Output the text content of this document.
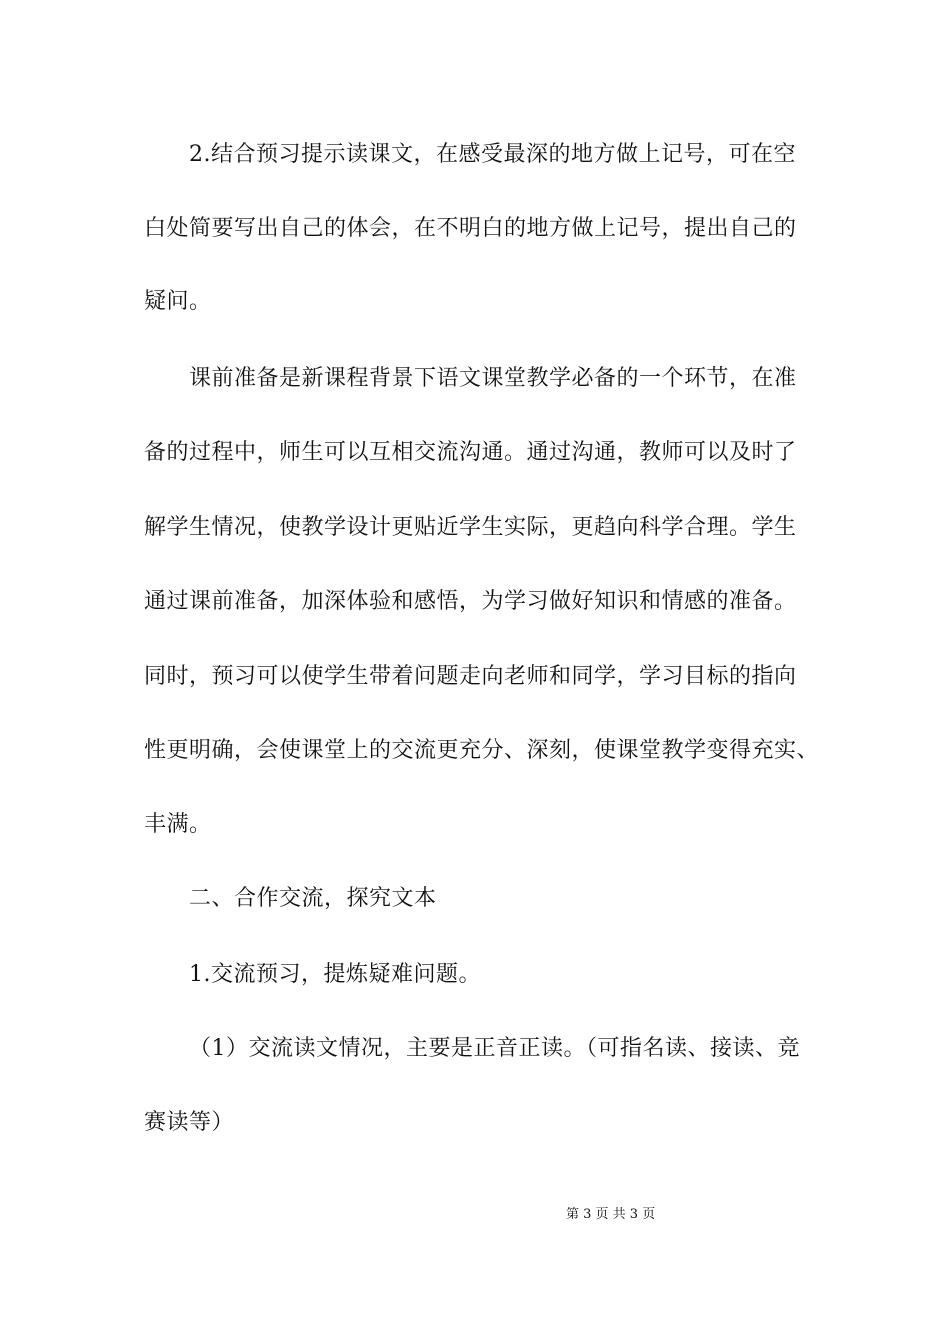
2.结合预习提示读课文，在感受最深的地方做上记号，可在空
白处简要写出自己的体会，在不明白的地方做上记号，提出自己的
疑问。
课前准备是新课程背景下语文课堂教学必备的一个环节，在准
备的过程中，师生可以互相交流沟通。通过沟通，教师可以及时了
解学生情况，使教学设计更贴近学生实际，更趋向科学合理。学生
通过课前准备，加深体验和感悟，为学习做好知识和情感的准备。
同时，预习可以使学生带着问题走向老师和同学，学习目标的指向
性更明确，会使课堂上的交流更充分、深刻，使课堂教学变得充实、
丰满。
二、合作交流，探究文本
1.交流预习，提炼疑难问题。
（1）交流读文情况，主要是正音正读。（可指名读、接读、竞
赛读等）
第 3 页 共 3 页
